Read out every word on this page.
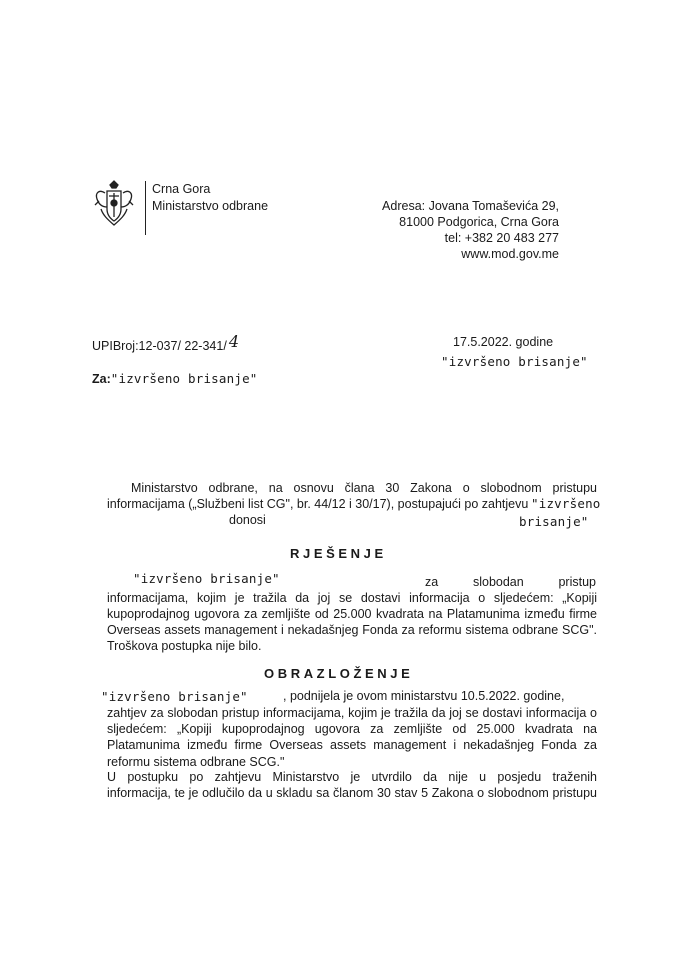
Crna Gora
Ministarstvo odbrane	Adresa: Jovana Tomaševića 29,
81000 Podgorica, Crna Gora
tel: +382 20 483 277
www.mod.gov.me
UPIBroj:12-037/ 22-341/ 4	17.5.2022. godine
"izvršeno brisanje"
Za:"izvršeno brisanje"
Ministarstvo odbrane, na osnovu člana 30 Zakona o slobodnom pristupu
informacijama („Službeni list CG", br. 44/12 i 30/17), postupajući po zahtjevu "izvršeno
donosi	brisanje"
RJEŠENJE
"izvršeno brisanje"	za slobodan pristup
informacijama, kojim je tražila da joj se dostavi informacija o sljedećem: „Kopiji
kupoprodajnog ugovora za zemljište od 25.000 kvadrata na Platamunima između firme
Overseas assets management i nekadašnjeg Fonda za reformu sistema odbrane SCG".
Troškova postupka nije bilo.
OBRAZLOŽENJE
"izvršeno brisanje"	, podnijela je ovom ministarstvu 10.5.2022. godine,
zahtjev za slobodan pristup informacijama, kojim je tražila da joj se dostavi informacija o
sljedećem: „Kopiji kupoprodajnog ugovora za zemljište od 25.000 kvadrata na
Platamunima između firme Overseas assets management i nekadašnjeg Fonda za
reformu sistema odbrane SCG."
U postupku po zahtjevu Ministarstvo je utvrdilo da nije u posjedu traženih
informacija, te je odlučilo da u skladu sa članom 30 stav 5 Zakona o slobodnom pristupu
